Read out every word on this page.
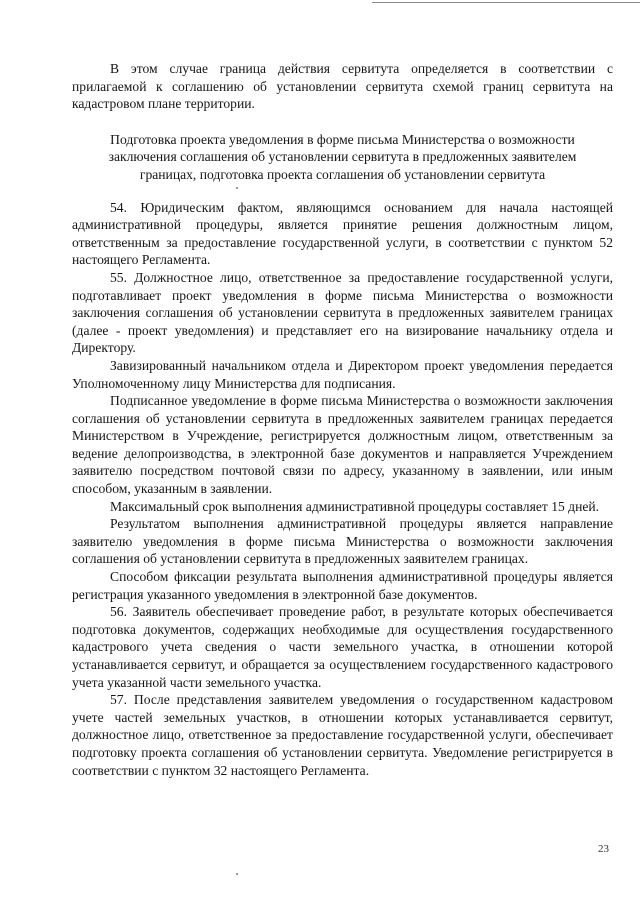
В этом случае граница действия сервитута определяется в соответствии с прилагаемой к соглашению об установлении сервитута схемой границ сервитута на кадастровом плане территории.

Подготовка проекта уведомления в форме письма Министерства о возможности заключения соглашения об установлении сервитута в предложенных заявителем границах, подготовка проекта соглашения об установлении сервитута

54. Юридическим фактом, являющимся основанием для начала настоящей административной процедуры, является принятие решения должностным лицом, ответственным за предоставление государственной услуги, в соответствии с пунктом 52 настоящего Регламента.

55. Должностное лицо, ответственное за предоставление государственной услуги, подготавливает проект уведомления в форме письма Министерства о возможности заключения соглашения об установлении сервитута в предложенных заявителем границах (далее - проект уведомления) и представляет его на визирование начальнику отдела и Директору.

Завизированный начальником отдела и Директором проект уведомления передается Уполномоченному лицу Министерства для подписания.

Подписанное уведомление в форме письма Министерства о возможности заключения соглашения об установлении сервитута в предложенных заявителем границах передается Министерством в Учреждение, регистрируется должностным лицом, ответственным за ведение делопроизводства, в электронной базе документов и направляется Учреждением заявителю посредством почтовой связи по адресу, указанному в заявлении, или иным способом, указанным в заявлении.

Максимальный срок выполнения административной процедуры составляет 15 дней.

Результатом выполнения административной процедуры является направление заявителю уведомления в форме письма Министерства о возможности заключения соглашения об установлении сервитута в предложенных заявителем границах.

Способом фиксации результата выполнения административной процедуры является регистрация указанного уведомления в электронной базе документов.

56. Заявитель обеспечивает проведение работ, в результате которых обеспечивается подготовка документов, содержащих необходимые для осуществления государственного кадастрового учета сведения о части земельного участка, в отношении которой устанавливается сервитут, и обращается за осуществлением государственного кадастрового учета указанной части земельного участка.

57. После представления заявителем уведомления о государственном кадастровом учете частей земельных участков, в отношении которых устанавливается сервитут, должностное лицо, ответственное за предоставление государственной услуги, обеспечивает подготовку проекта соглашения об установлении сервитута. Уведомление регистрируется в соответствии с пунктом 32 настоящего Регламента.

23
